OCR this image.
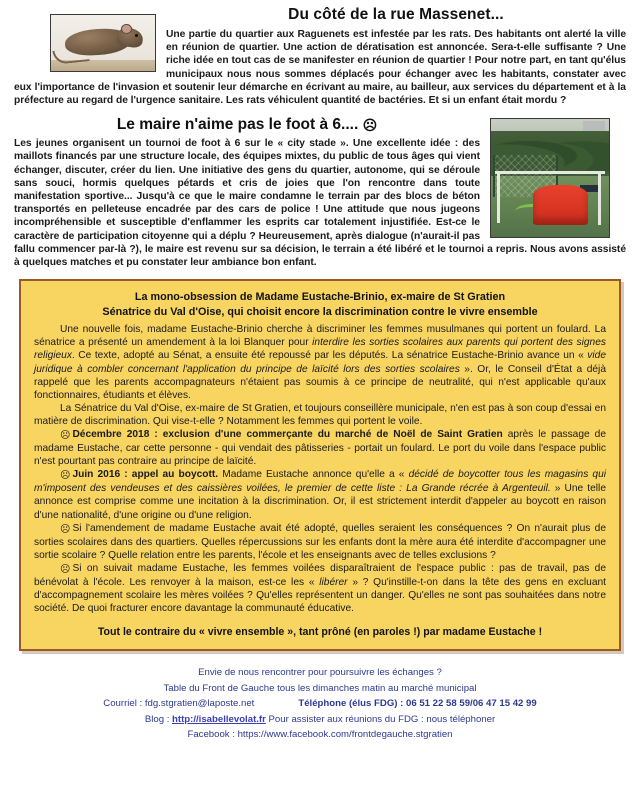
Du côté de la rue Massenet...

Une partie du quartier aux Raguenets est infestée par les rats. Des habitants ont alerté la ville en réunion de quartier. Une action de dératisation est annoncée. Sera-t-elle suffisante ? Une riche idée en tout cas de se manifester en réunion de quartier ! Pour notre part, en tant qu'élus municipaux nous nous sommes déplacés pour échanger avec les habitants, constater avec eux l'importance de l'invasion et soutenir leur démarche en écrivant au maire, au bailleur, aux services du département et à la préfecture au regard de l'urgence sanitaire. Les rats véhiculent quantité de bactéries. Et si un enfant était mordu ?

Le maire n'aime pas le foot à 6.... ☹

Les jeunes organisent un tournoi de foot à 6 sur le « city stade ». Une excellente idée : des maillots financés par une structure locale, des équipes mixtes, du public de tous âges qui vient échanger, discuter, créer du lien. Une initiative des gens du quartier, autonome, qui se déroule sans souci, hormis quelques pétards et cris de joies que l'on rencontre dans toute manifestation sportive... Jusqu'à ce que le maire condamne le terrain par des blocs de béton transportés en pelleteuse encadrée par des cars de police ! Une attitude que nous jugeons incompréhensible et susceptible d'enflammer les esprits car totalement injustifiée. Est-ce le caractère de participation citoyenne qui a déplu ? Heureusement, après dialogue (n'aurait-il pas fallu commencer par-là ?), le maire est revenu sur sa décision, le terrain a été libéré et le tournoi a repris. Nous avons assisté à quelques matches et pu constater leur ambiance bon enfant.

La mono-obsession de Madame Eustache-Brinio, ex-maire de St Gratien
Sénatrice du Val d'Oise, qui choisit encore la discrimination contre le vivre ensemble

Une nouvelle fois, madame Eustache-Brinio cherche à discriminer les femmes musulmanes qui portent un foulard. La sénatrice a présenté un amendement à la loi Blanquer pour interdire les sorties scolaires aux parents qui portent des signes religieux. Ce texte, adopté au Sénat, a ensuite été repoussé par les députés. La sénatrice Eustache-Brinio avance un « vide juridique à combler concernant l'application du principe de laïcité lors des sorties scolaires ». Or, le Conseil d'État a déjà rappelé que les parents accompagnateurs n'étaient pas soumis à ce principe de neutralité, qui n'est applicable qu'aux fonctionnaires, étudiants et élèves.

La Sénatrice du Val d'Oise, ex-maire de St Gratien, et toujours conseillère municipale, n'en est pas à son coup d'essai en matière de discrimination. Qui vise-t-elle ? Notamment les femmes qui portent le voile.

☹ Décembre 2018 : exclusion d'une commerçante du marché de Noël de Saint Gratien après le passage de madame Eustache, car cette personne - qui vendait des pâtisseries - portait un foulard. Le port du voile dans l'espace public n'est pourtant pas contraire au principe de laïcité.

☹ Juin 2016 : appel au boycott. Madame Eustache annonce qu'elle a « décidé de boycotter tous les magasins qui m'imposent des vendeuses et des caissières voilées, le premier de cette liste : La Grande récrée à Argenteuil. » Une telle annonce est comprise comme une incitation à la discrimination. Or, il est strictement interdit d'appeler au boycott en raison d'une nationalité, d'une origine ou d'une religion.

☹ Si l'amendement de madame Eustache avait été adopté, quelles seraient les conséquences ? On n'aurait plus de sorties scolaires dans des quartiers. Quelles répercussions sur les enfants dont la mère aura été interdite d'accompagner une sortie scolaire ? Quelle relation entre les parents, l'école et les enseignants avec de telles exclusions ?

☹ Si on suivait madame Eustache, les femmes voilées disparaîtraient de l'espace public : pas de travail, pas de bénévolat à l'école. Les renvoyer à la maison, est-ce les « libérer » ? Qu'instille-t-on dans la tête des gens en excluant d'accompagnement scolaire les mères voilées ? Qu'elles représentent un danger. Qu'elles ne sont pas souhaitées dans notre société. De quoi fracturer encore davantage la communauté éducative.

Tout le contraire du « vivre ensemble », tant prôné (en paroles !) par madame Eustache !
Envie de nous rencontrer pour poursuivre les échanges ?
Table du Front de Gauche tous les dimanches matin au marché municipal
Courriel : fdg.stgratien@laposte.net	Téléphone (élus FDG) : 06 51 22 58 59/06 47 15 42 99
Blog : http://isabellevolat.fr Pour assister aux réunions du FDG : nous téléphoner
Facebook : https://www.facebook.com/frontdegauche.stgratien
